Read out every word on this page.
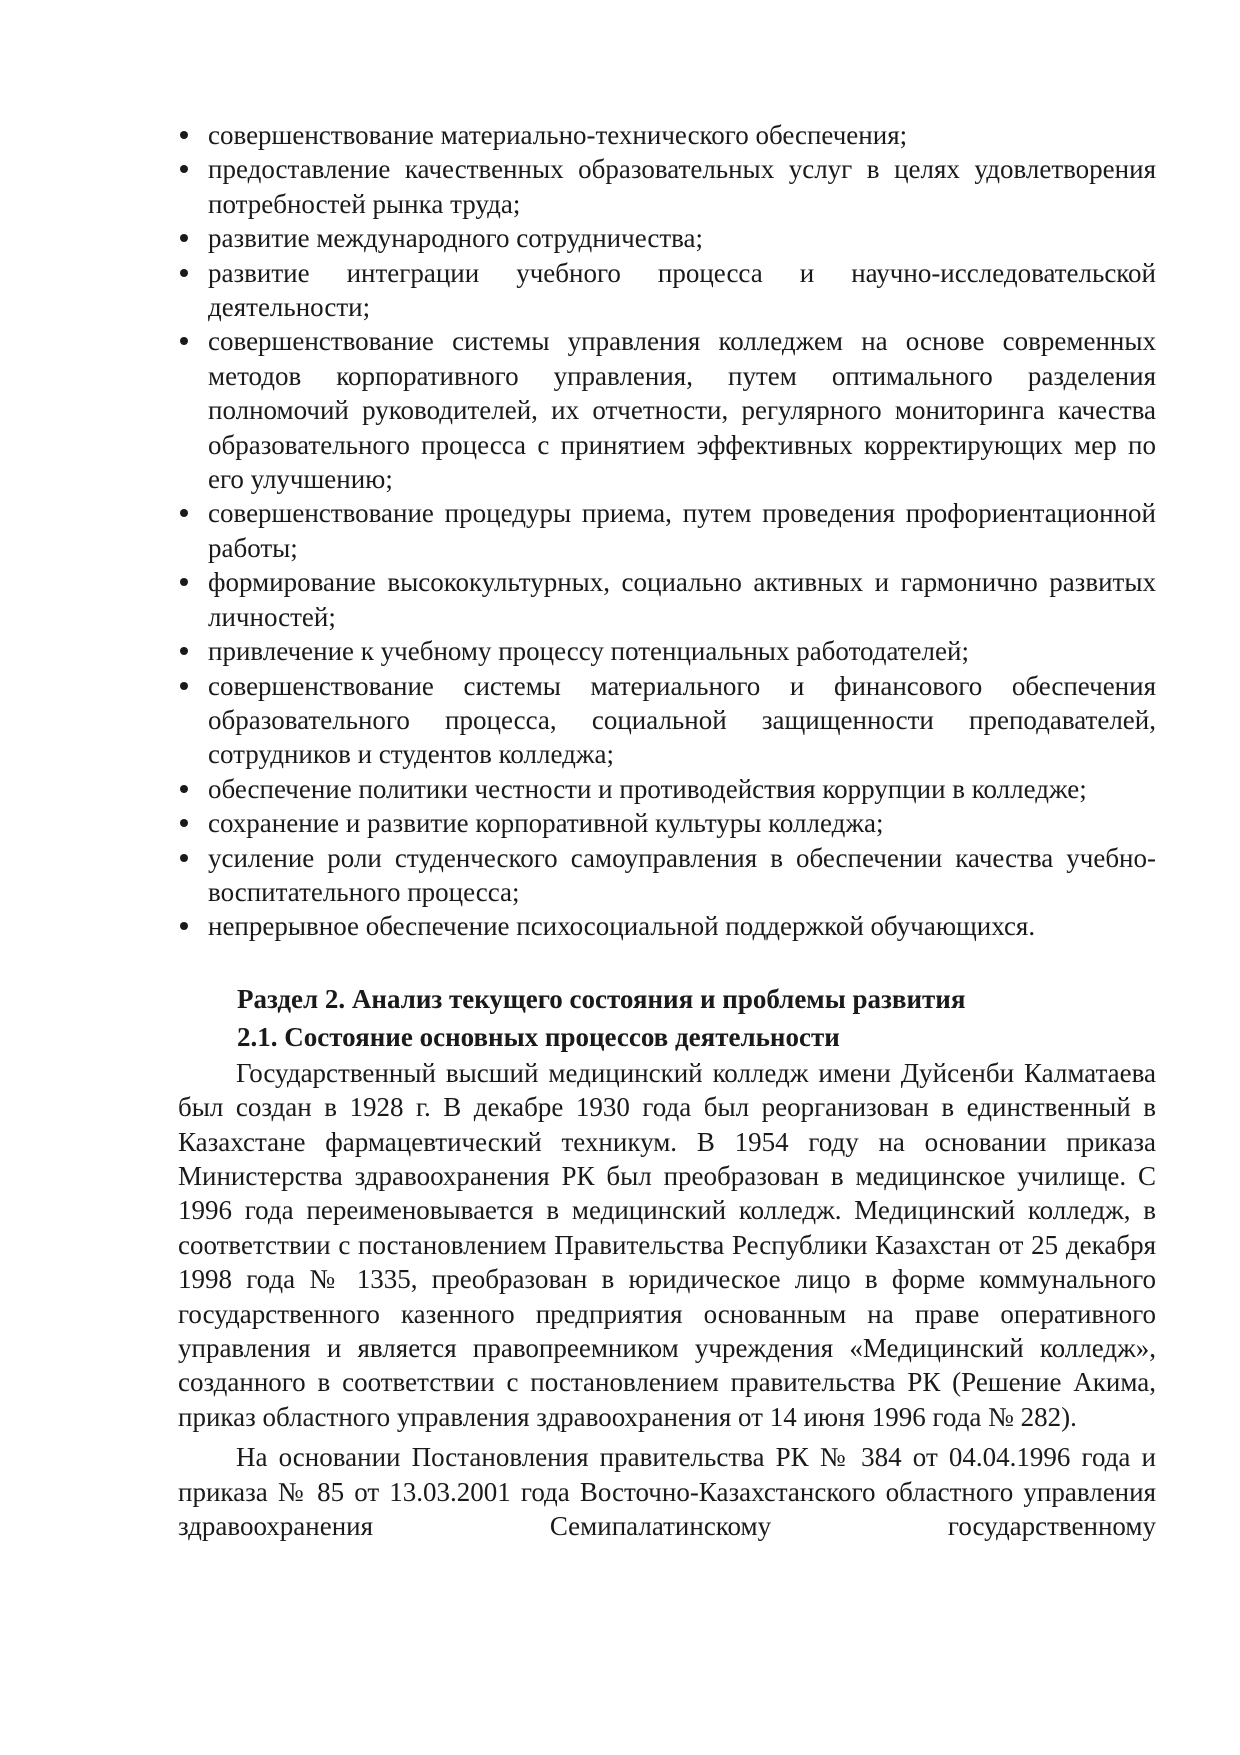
совершенствование материально-технического обеспечения;
предоставление качественных образовательных услуг в целях удовлетворения потребностей рынка труда;
развитие международного сотрудничества;
развитие интеграции учебного процесса и научно-исследовательской деятельности;
совершенствование системы управления колледжем на основе современных методов корпоративного управления, путем оптимального разделения полномочий руководителей, их отчетности, регулярного мониторинга качества образовательного процесса с принятием эффективных корректирующих мер по его улучшению;
совершенствование процедуры приема, путем проведения профориентационной работы;
формирование высококультурных, социально активных и гармонично развитых личностей;
привлечение к учебному процессу потенциальных работодателей;
совершенствование системы материального и финансового обеспечения образовательного процесса, социальной защищенности преподавателей, сотрудников и студентов колледжа;
обеспечение политики честности и противодействия коррупции в колледже;
сохранение и развитие корпоративной культуры колледжа;
усиление роли студенческого самоуправления в обеспечении качества учебно-воспитательного процесса;
непрерывное обеспечение психосоциальной поддержкой обучающихся.
Раздел 2. Анализ текущего состояния и проблемы развития
2.1. Состояние основных процессов деятельности

Государственный высший медицинский колледж имени Дуйсенби Калматаева был создан в 1928 г. В декабре 1930 года был реорганизован в единственный в Казахстане фармацевтический техникум. В 1954 году на основании приказа Министерства здравоохранения РК был преобразован в медицинское училище. С 1996 года переименовывается в медицинский колледж. Медицинский колледж, в соответствии с постановлением Правительства Республики Казахстан от 25 декабря 1998 года № 1335, преобразован в юридическое лицо в форме коммунального государственного казенного предприятия основанным на праве оперативного управления и является правопреемником учреждения «Медицинский колледж», созданного в соответствии с постановлением правительства РК (Решение Акима, приказ областного управления здравоохранения от 14 июня 1996 года № 282).

На основании Постановления правительства РК № 384 от 04.04.1996 года и приказа № 85 от 13.03.2001 года Восточно-Казахстанского областного управления здравоохранения Семипалатинскому государственному
